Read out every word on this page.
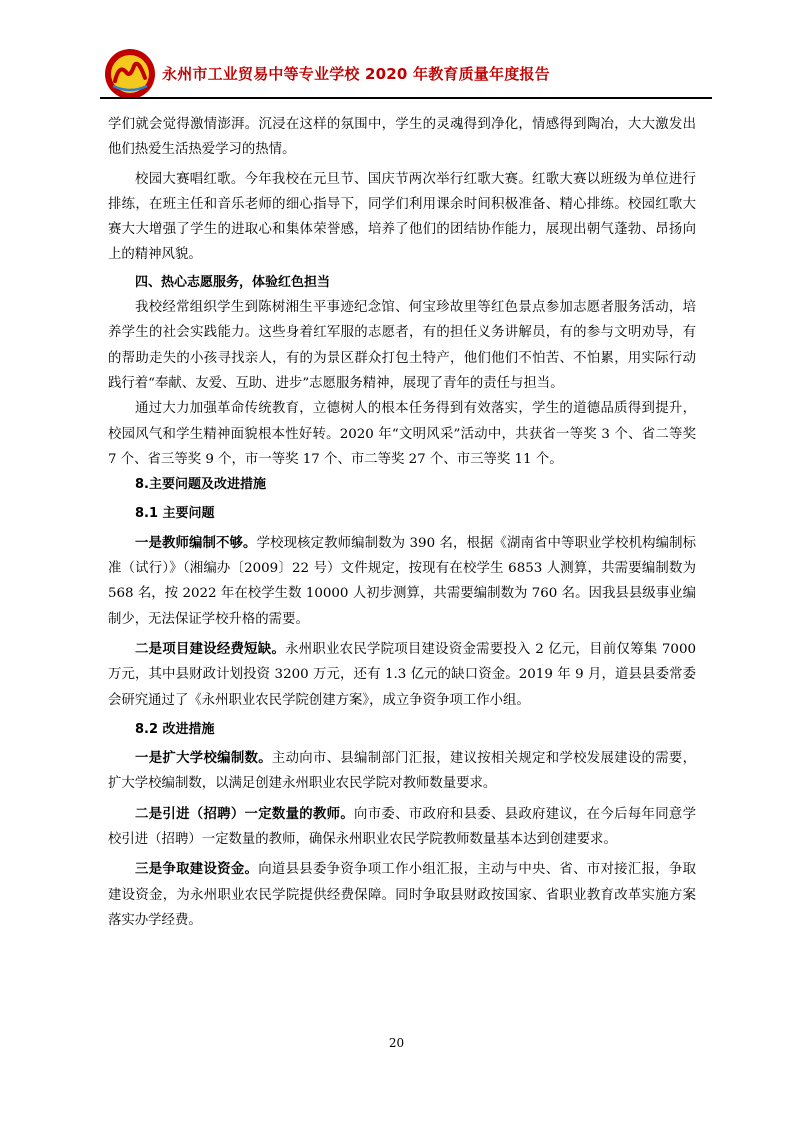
永州市工业贸易中等专业学校 2020 年教育质量年度报告

学们就会觉得激情澎湃。沉浸在这样的氛围中，学生的灵魂得到净化，情感得到陶冶，大大激发出他们热爱生活热爱学习的热情。

校园大赛唱红歌。今年我校在元旦节、国庆节两次举行红歌大赛。红歌大赛以班级为单位进行排练，在班主任和音乐老师的细心指导下，同学们利用课余时间积极准备、精心排练。校园红歌大赛大大增强了学生的进取心和集体荣誉感，培养了他们的团结协作能力，展现出朝气蓬勃、昂扬向上的精神风貌。

四、热心志愿服务，体验红色担当

我校经常组织学生到陈树湘生平事迹纪念馆、何宝珍故里等红色景点参加志愿者服务活动，培养学生的社会实践能力。这些身着红军服的志愿者，有的担任义务讲解员，有的参与文明劝导，有的帮助走失的小孩寻找亲人，有的为景区群众打包土特产，他们他们不怕苦、不怕累，用实际行动践行着“奉献、友爱、互助、进步”志愿服务精神，展现了青年的责任与担当。

通过大力加强革命传统教育，立德树人的根本任务得到有效落实，学生的道德品质得到提升，校园风气和学生精神面貌根本性好转。2020 年“文明风采”活动中，共获省一等奖 3 个、省二等奖 7 个、省三等奖 9 个，市一等奖 17 个、市二等奖 27 个、市三等奖 11 个。

8.主要问题及改进措施

8.1 主要问题

一是教师编制不够。学校现核定教师编制数为 390 名，根据《湖南省中等职业学校机构编制标准（试行）》（湘编办〔2009〕22 号）文件规定，按现有在校学生 6853 人测算，共需要编制数为 568 名，按 2022 年在校学生数 10000 人初步测算，共需要编制数为 760 名。因我县县级事业编制少，无法保证学校升格的需要。

二是项目建设经费短缺。永州职业农民学院项目建设资金需要投入 2 亿元，目前仅筹集 7000 万元，其中县财政计划投资 3200 万元，还有 1.3 亿元的缺口资金。2019 年 9 月，道县县委常委会研究通过了《永州职业农民学院创建方案》，成立争资争项工作小组。

8.2 改进措施

一是扩大学校编制数。主动向市、县编制部门汇报，建议按相关规定和学校发展建设的需要，扩大学校编制数，以满足创建永州职业农民学院对教师数量要求。

二是引进（招聘）一定数量的教师。向市委、市政府和县委、县政府建议，在今后每年同意学校引进（招聘）一定数量的教师，确保永州职业农民学院教师数量基本达到创建要求。

三是争取建设资金。向道县县委争资争项工作小组汇报，主动与中央、省、市对接汇报，争取建设资金，为永州职业农民学院提供经费保障。同时争取县财政按国家、省职业教育改革实施方案落实办学经费。

20
